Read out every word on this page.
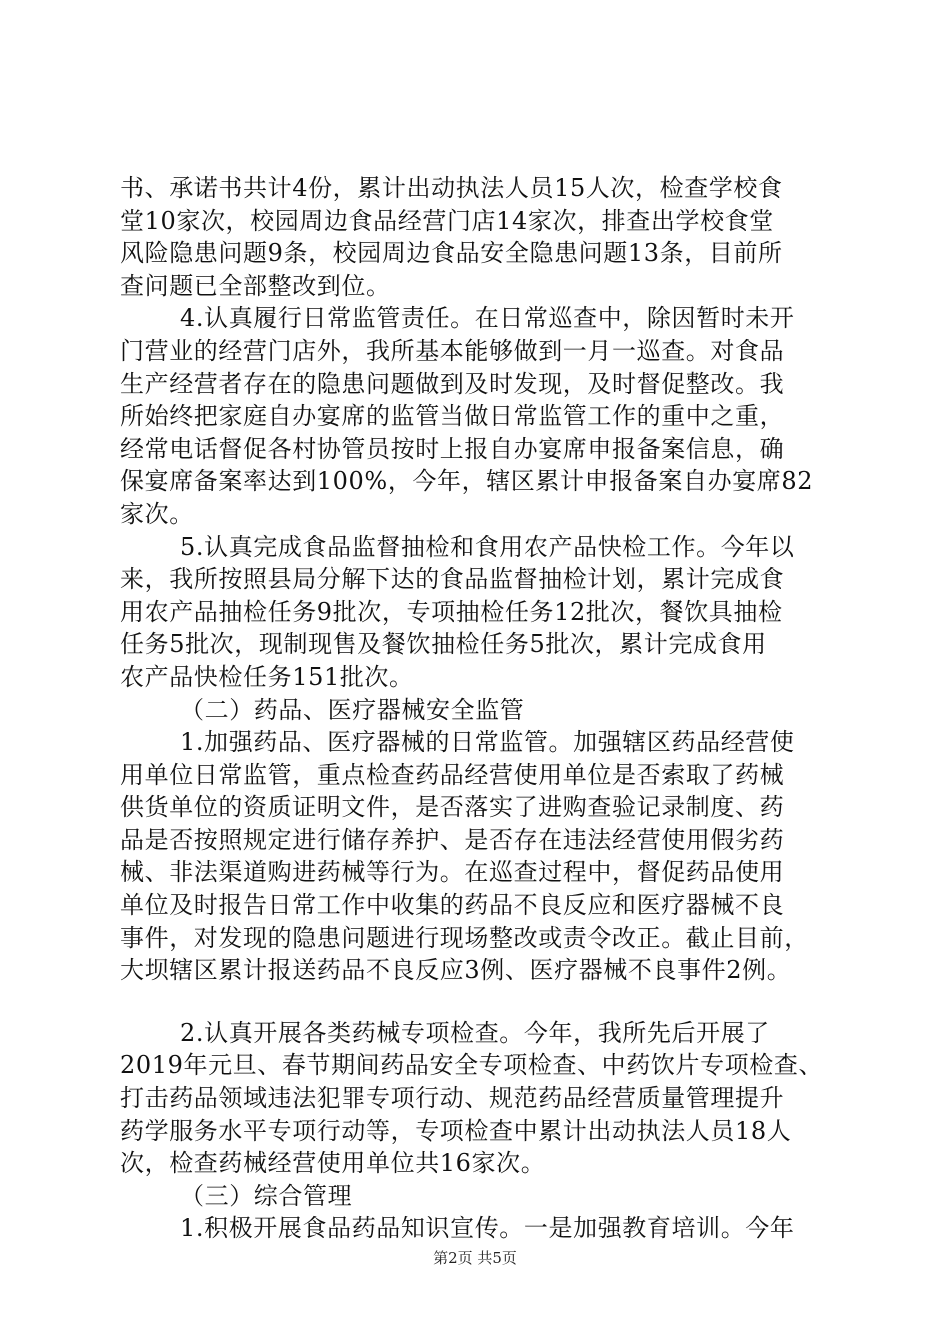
书、承诺书共计4份，累计出动执法人员15人次，检查学校食
堂10家次，校园周边食品经营门店14家次，排查出学校食堂
风险隐患问题9条，校园周边食品安全隐患问题13条，目前所
查问题已全部整改到位。
4.认真履行日常监管责任。在日常巡查中，除因暂时未开
门营业的经营门店外，我所基本能够做到一月一巡查。对食品
生产经营者存在的隐患问题做到及时发现，及时督促整改。我
所始终把家庭自办宴席的监管当做日常监管工作的重中之重，
经常电话督促各村协管员按时上报自办宴席申报备案信息，确
保宴席备案率达到100%，今年，辖区累计申报备案自办宴席82
家次。
5.认真完成食品监督抽检和食用农产品快检工作。今年以
来，我所按照县局分解下达的食品监督抽检计划，累计完成食
用农产品抽检任务9批次，专项抽检任务12批次，餐饮具抽检
任务5批次，现制现售及餐饮抽检任务5批次，累计完成食用
农产品快检任务151批次。
（二）药品、医疗器械安全监管
1.加强药品、医疗器械的日常监管。加强辖区药品经营使
用单位日常监管，重点检查药品经营使用单位是否索取了药械
供货单位的资质证明文件，是否落实了进购查验记录制度、药
品是否按照规定进行储存养护、是否存在违法经营使用假劣药
械、非法渠道购进药械等行为。在巡查过程中，督促药品使用
单位及时报告日常工作中收集的药品不良反应和医疗器械不良
事件，对发现的隐患问题进行现场整改或责令改正。截止目前，
大坝辖区累计报送药品不良反应3例、医疗器械不良事件2例。
2.认真开展各类药械专项检查。今年，我所先后开展了
2019年元旦、春节期间药品安全专项检查、中药饮片专项检查、
打击药品领域违法犯罪专项行动、规范药品经营质量管理提升
药学服务水平专项行动等，专项检查中累计出动执法人员18人
次，检查药械经营使用单位共16家次。
（三）综合管理
1.积极开展食品药品知识宣传。一是加强教育培训。今年
第2页 共5页
